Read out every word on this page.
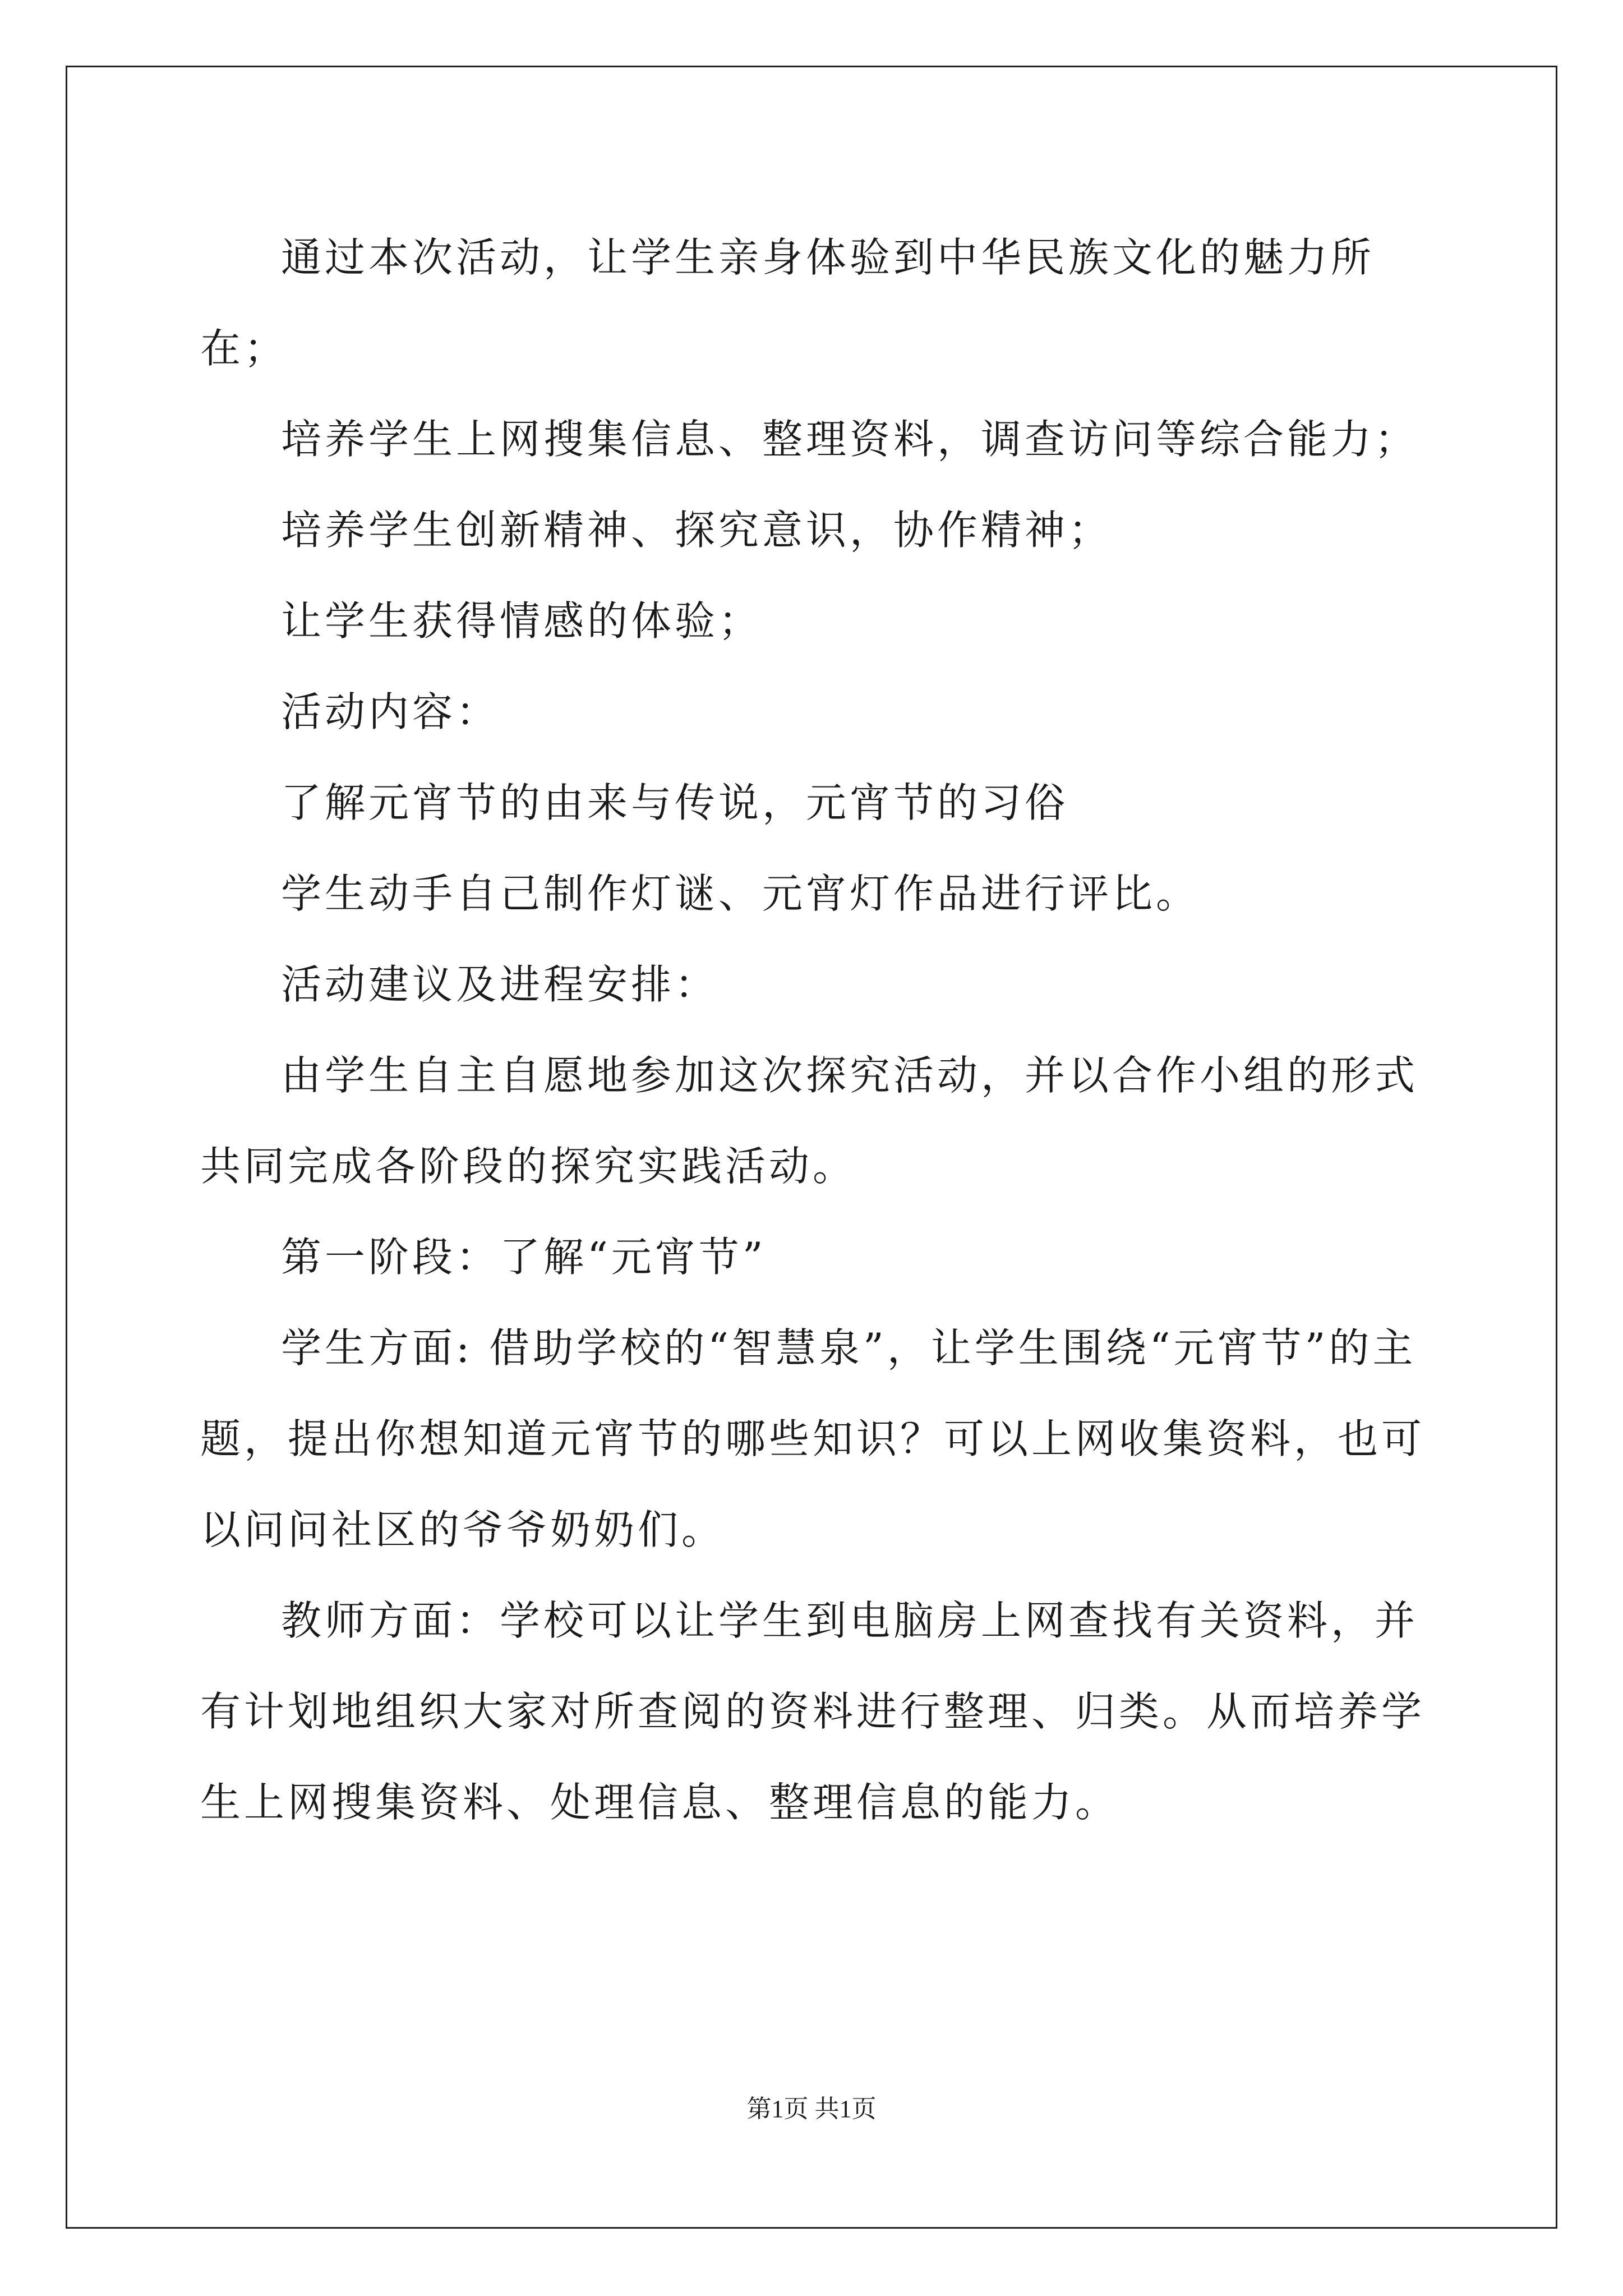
通过本次活动，让学生亲身体验到中华民族文化的魅力所在；

培养学生上网搜集信息、整理资料，调查访问等综合能力；

培养学生创新精神、探究意识，协作精神；

让学生获得情感的体验；

活动内容：

了解元宵节的由来与传说，元宵节的习俗

学生动手自己制作灯谜、元宵灯作品进行评比。

活动建议及进程安排：

由学生自主自愿地参加这次探究活动，并以合作小组的形式共同完成各阶段的探究实践活动。

第一阶段：了解“元宵节”

学生方面: 借助学校的“智慧泉”，让学生围绕“元宵节”的主题，提出你想知道元宵节的哪些知识？可以上网收集资料，也可以问问社区的爷爷奶奶们。

教师方面：学校可以让学生到电脑房上网查找有关资料，并有计划地组织大家对所查阅的资料进行整理、归类。从而培养学生上网搜集资料、处理信息、整理信息的能力。

第1页 共1页
